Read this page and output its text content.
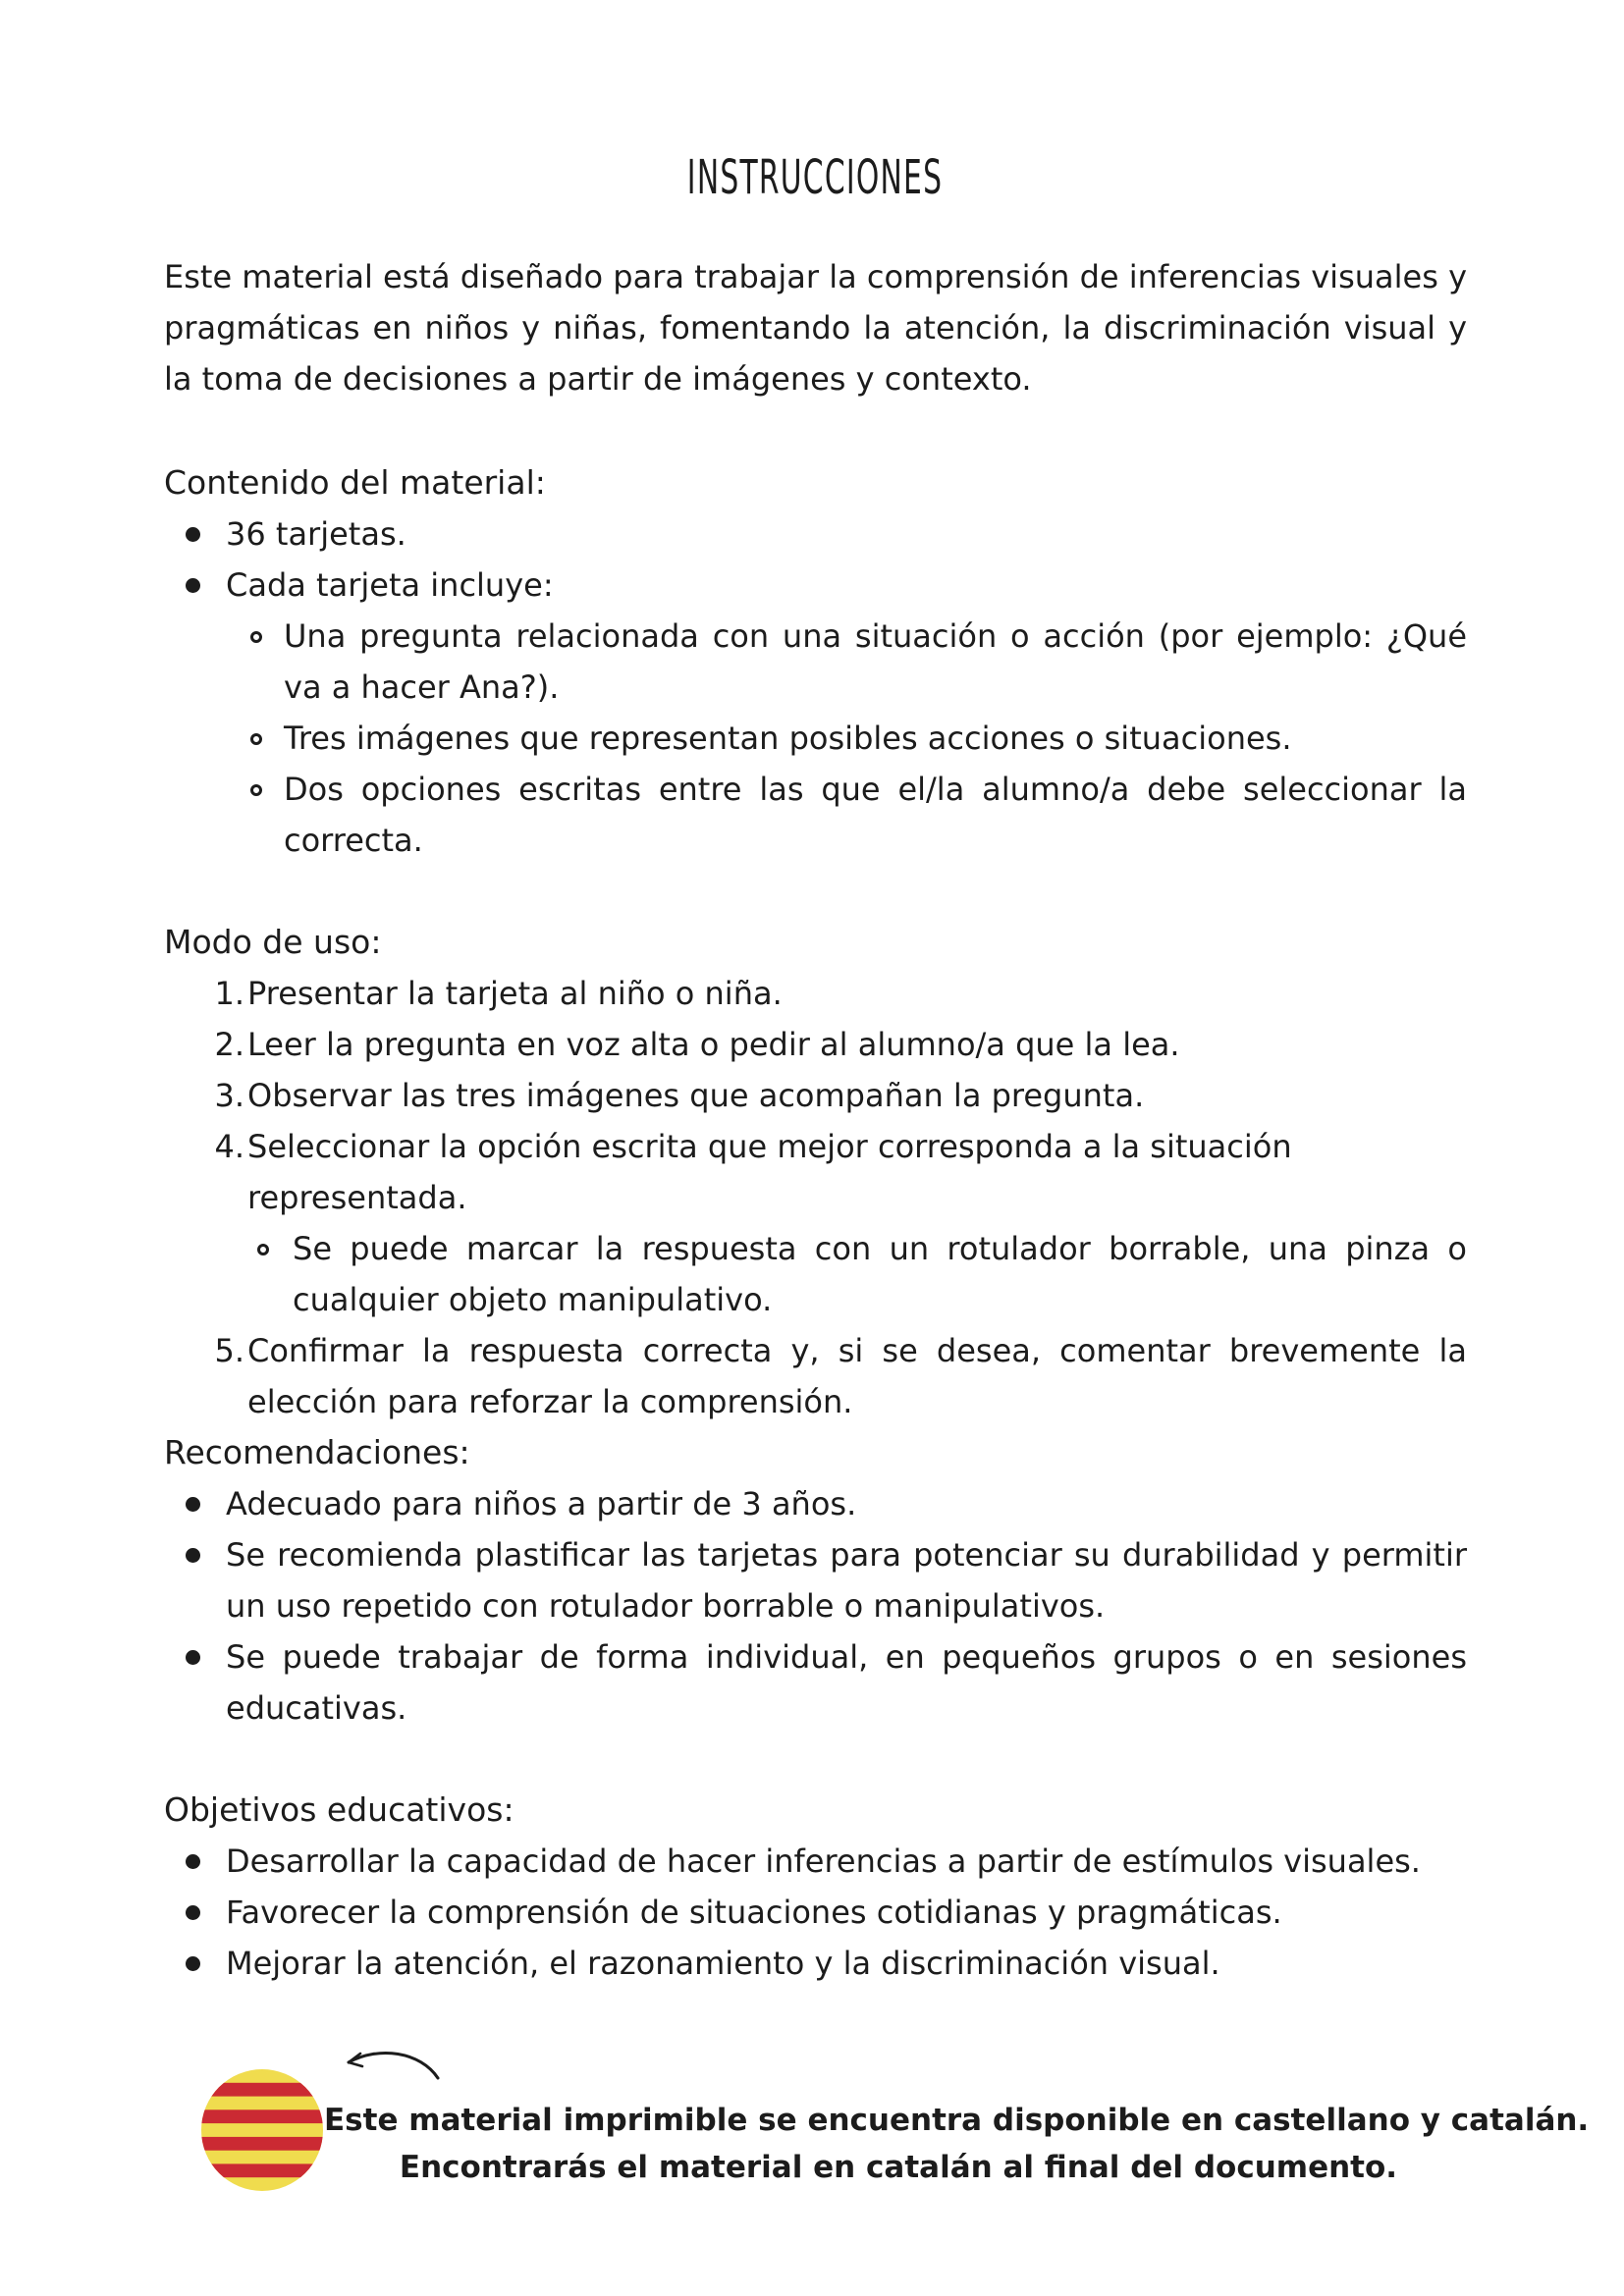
INSTRUCCIONES
Este material está diseñado para trabajar la comprensión de inferencias visuales y pragmáticas en niños y niñas, fomentando la atención, la discriminación visual y la toma de decisiones a partir de imágenes y contexto.
Contenido del material:
36 tarjetas.
Cada tarjeta incluye:
Una pregunta relacionada con una situación o acción (por ejemplo: ¿Qué va a hacer Ana?).
Tres imágenes que representan posibles acciones o situaciones.
Dos opciones escritas entre las que el/la alumno/a debe seleccionar la correcta.
Modo de uso:
1. Presentar la tarjeta al niño o niña.
2. Leer la pregunta en voz alta o pedir al alumno/a que la lea.
3. Observar las tres imágenes que acompañan la pregunta.
4. Seleccionar la opción escrita que mejor corresponda a la situación representada.
Se puede marcar la respuesta con un rotulador borrable, una pinza o cualquier objeto manipulativo.
5. Confirmar la respuesta correcta y, si se desea, comentar brevemente la elección para reforzar la comprensión.
Recomendaciones:
Adecuado para niños a partir de 3 años.
Se recomienda plastificar las tarjetas para potenciar su durabilidad y permitir un uso repetido con rotulador borrable o manipulativos.
Se puede trabajar de forma individual, en pequeños grupos o en sesiones educativas.
Objetivos educativos:
Desarrollar la capacidad de hacer inferencias a partir de estímulos visuales.
Favorecer la comprensión de situaciones cotidianas y pragmáticas.
Mejorar la atención, el razonamiento y la discriminación visual.
Este material imprimible se encuentra disponible en castellano y catalán.
Encontrarás el material en catalán al final del documento.
